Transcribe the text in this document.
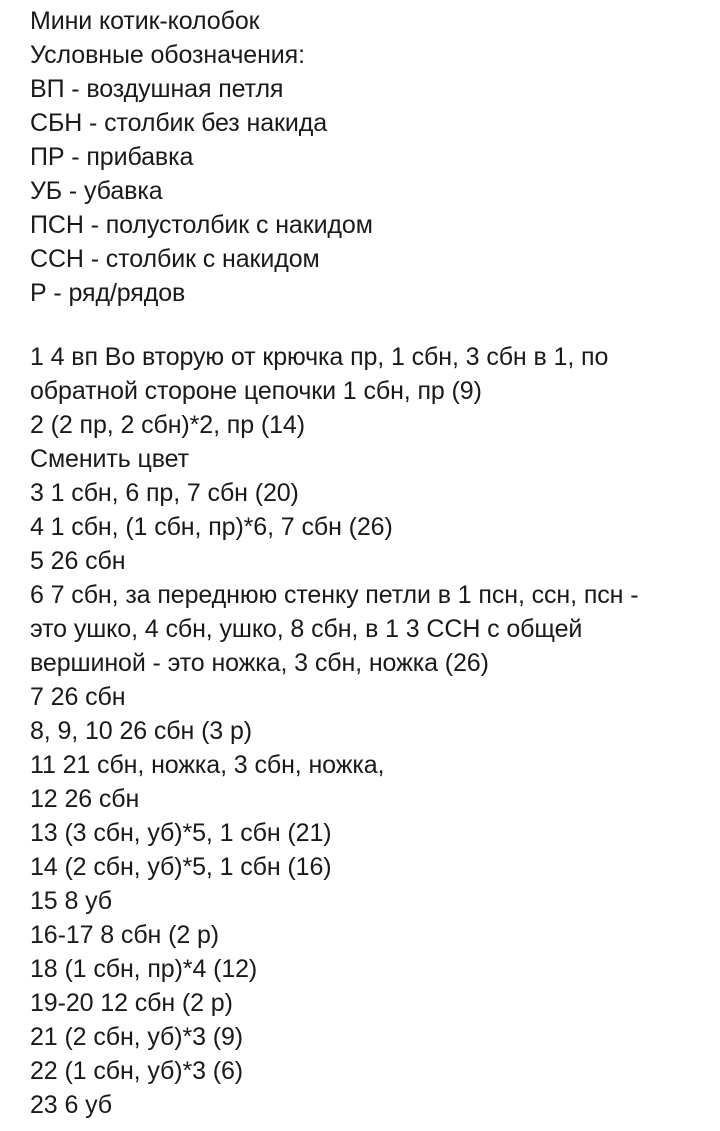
Мини котик-колобок
Условные обозначения:
ВП - воздушная петля
СБН - столбик без накида
ПР - прибавка
УБ - убавка
ПСН - полустолбик с накидом
ССН - столбик с накидом
Р - ряд/рядов
1 4 вп Во вторую от крючка пр, 1 сбн, 3 сбн в 1, по
обратной стороне цепочки 1 сбн, пр (9)
2 (2 пр, 2 сбн)*2, пр (14)
Сменить цвет
3 1 сбн, 6 пр, 7 сбн (20)
4 1 сбн, (1 сбн, пр)*6, 7 сбн (26)
5 26 сбн
6 7 сбн, за переднюю стенку петли в 1 псн, ссн, псн -
это ушко, 4 сбн, ушко, 8 сбн, в 1 3 ССН с общей
вершиной - это ножка, 3 сбн, ножка (26)
7 26 сбн
8, 9, 10 26 сбн (3 р)
11 21 сбн, ножка, 3 сбн, ножка,
12 26 сбн
13 (3 сбн, уб)*5, 1 сбн (21)
14 (2 сбн, уб)*5, 1 сбн (16)
15 8 уб
16-17 8 сбн (2 р)
18 (1 сбн, пр)*4 (12)
19-20 12 сбн (2 р)
21 (2 сбн, уб)*3 (9)
22 (1 сбн, уб)*3 (6)
23 6 уб
